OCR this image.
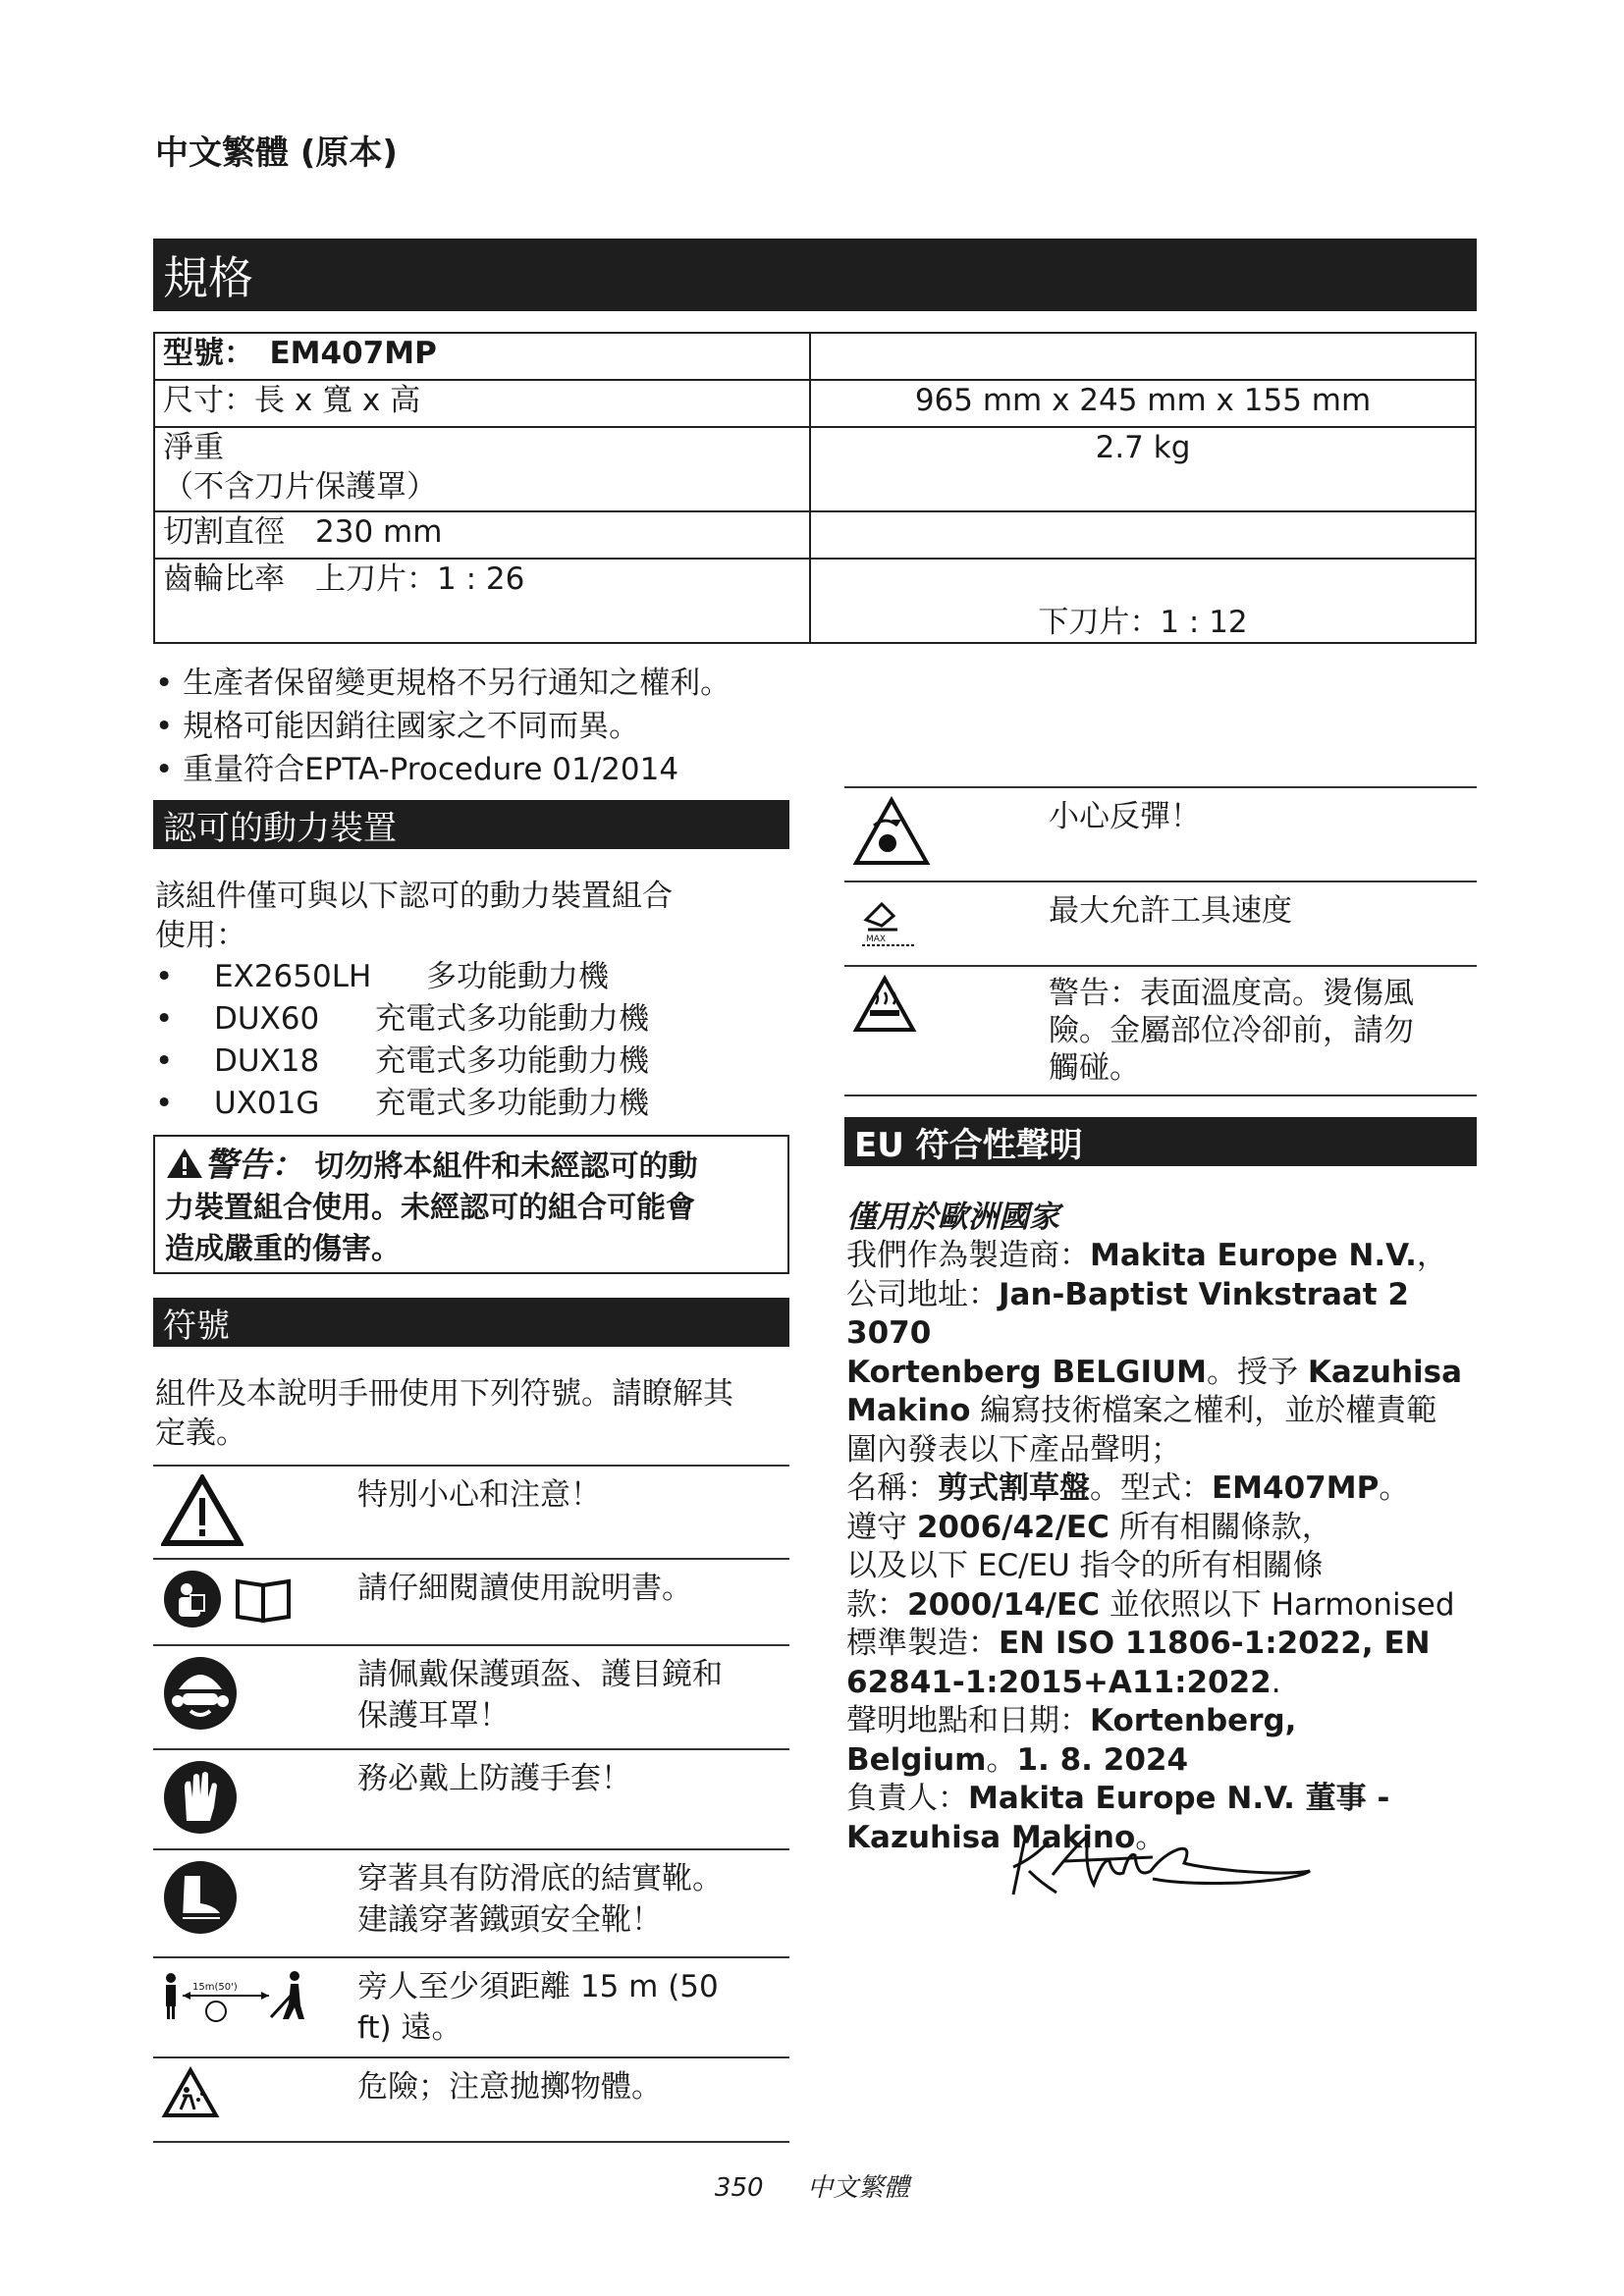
中文繁體 (原本)
規格
型號：　EM407MP	
尺寸：長 x 寬 x 高	965 mm x 245 mm x 155 mm

淨重
（不含刀片保護罩）	2.7 kg
切割直徑　230 mm	
齒輪比率　上刀片：1 : 26	下刀片：1 : 12
• 生產者保留變更規格不另行通知之權利。
• 規格可能因銷往國家之不同而異。
• 重量符合EPTA-Procedure 01/2014
認可的動力裝置
該組件僅可與以下認可的動力裝置組合
使用：
•	EX2650LH	多功能動力機
•	DUX60	充電式多功能動力機
•	DUX18	充電式多功能動力機
•	UX01G	充電式多功能動力機
警告： 切勿將本組件和未經認可的動
力裝置組合使用。未經認可的組合可能會
造成嚴重的傷害。
符號
組件及本說明手冊使用下列符號。請瞭解其
定義。
	特別小心和注意！

	請仔細閱讀使用說明書。

請佩戴保護頭盔、護目鏡和
保護耳罩！

	務必戴上防護手套！

穿著具有防滑底的結實靴。
建議穿著鐵頭安全靴！

15m(50')	旁人至少須距離 15 m (50
ft) 遠。

	危險；注意拋擲物體。
	小心反彈！

MAX	最大允許工具速度

警告：表面溫度高。燙傷風
險。金屬部位冷卻前，請勿
觸碰。
EU 符合性聲明
僅用於歐洲國家
我們作為製造商：Makita Europe N.V.，
公司地址：Jan-Baptist Vinkstraat 2 3070
Kortenberg BELGIUM。授予 Kazuhisa
Makino 編寫技術檔案之權利，並於權責範
圍內發表以下產品聲明；
名稱：剪式割草盤。型式：EM407MP。
遵守 2006/42/EC 所有相關條款，
以及以下 EC/EU 指令的所有相關條
款：2000/14/EC 並依照以下 Harmonised
標準製造：EN ISO 11806-1:2022, EN
62841-1:2015+A11:2022.
聲明地點和日期：Kortenberg,
Belgium。1. 8. 2024
負責人：Makita Europe N.V. 董事 -
Kazuhisa Makino。
350 中文繁體
